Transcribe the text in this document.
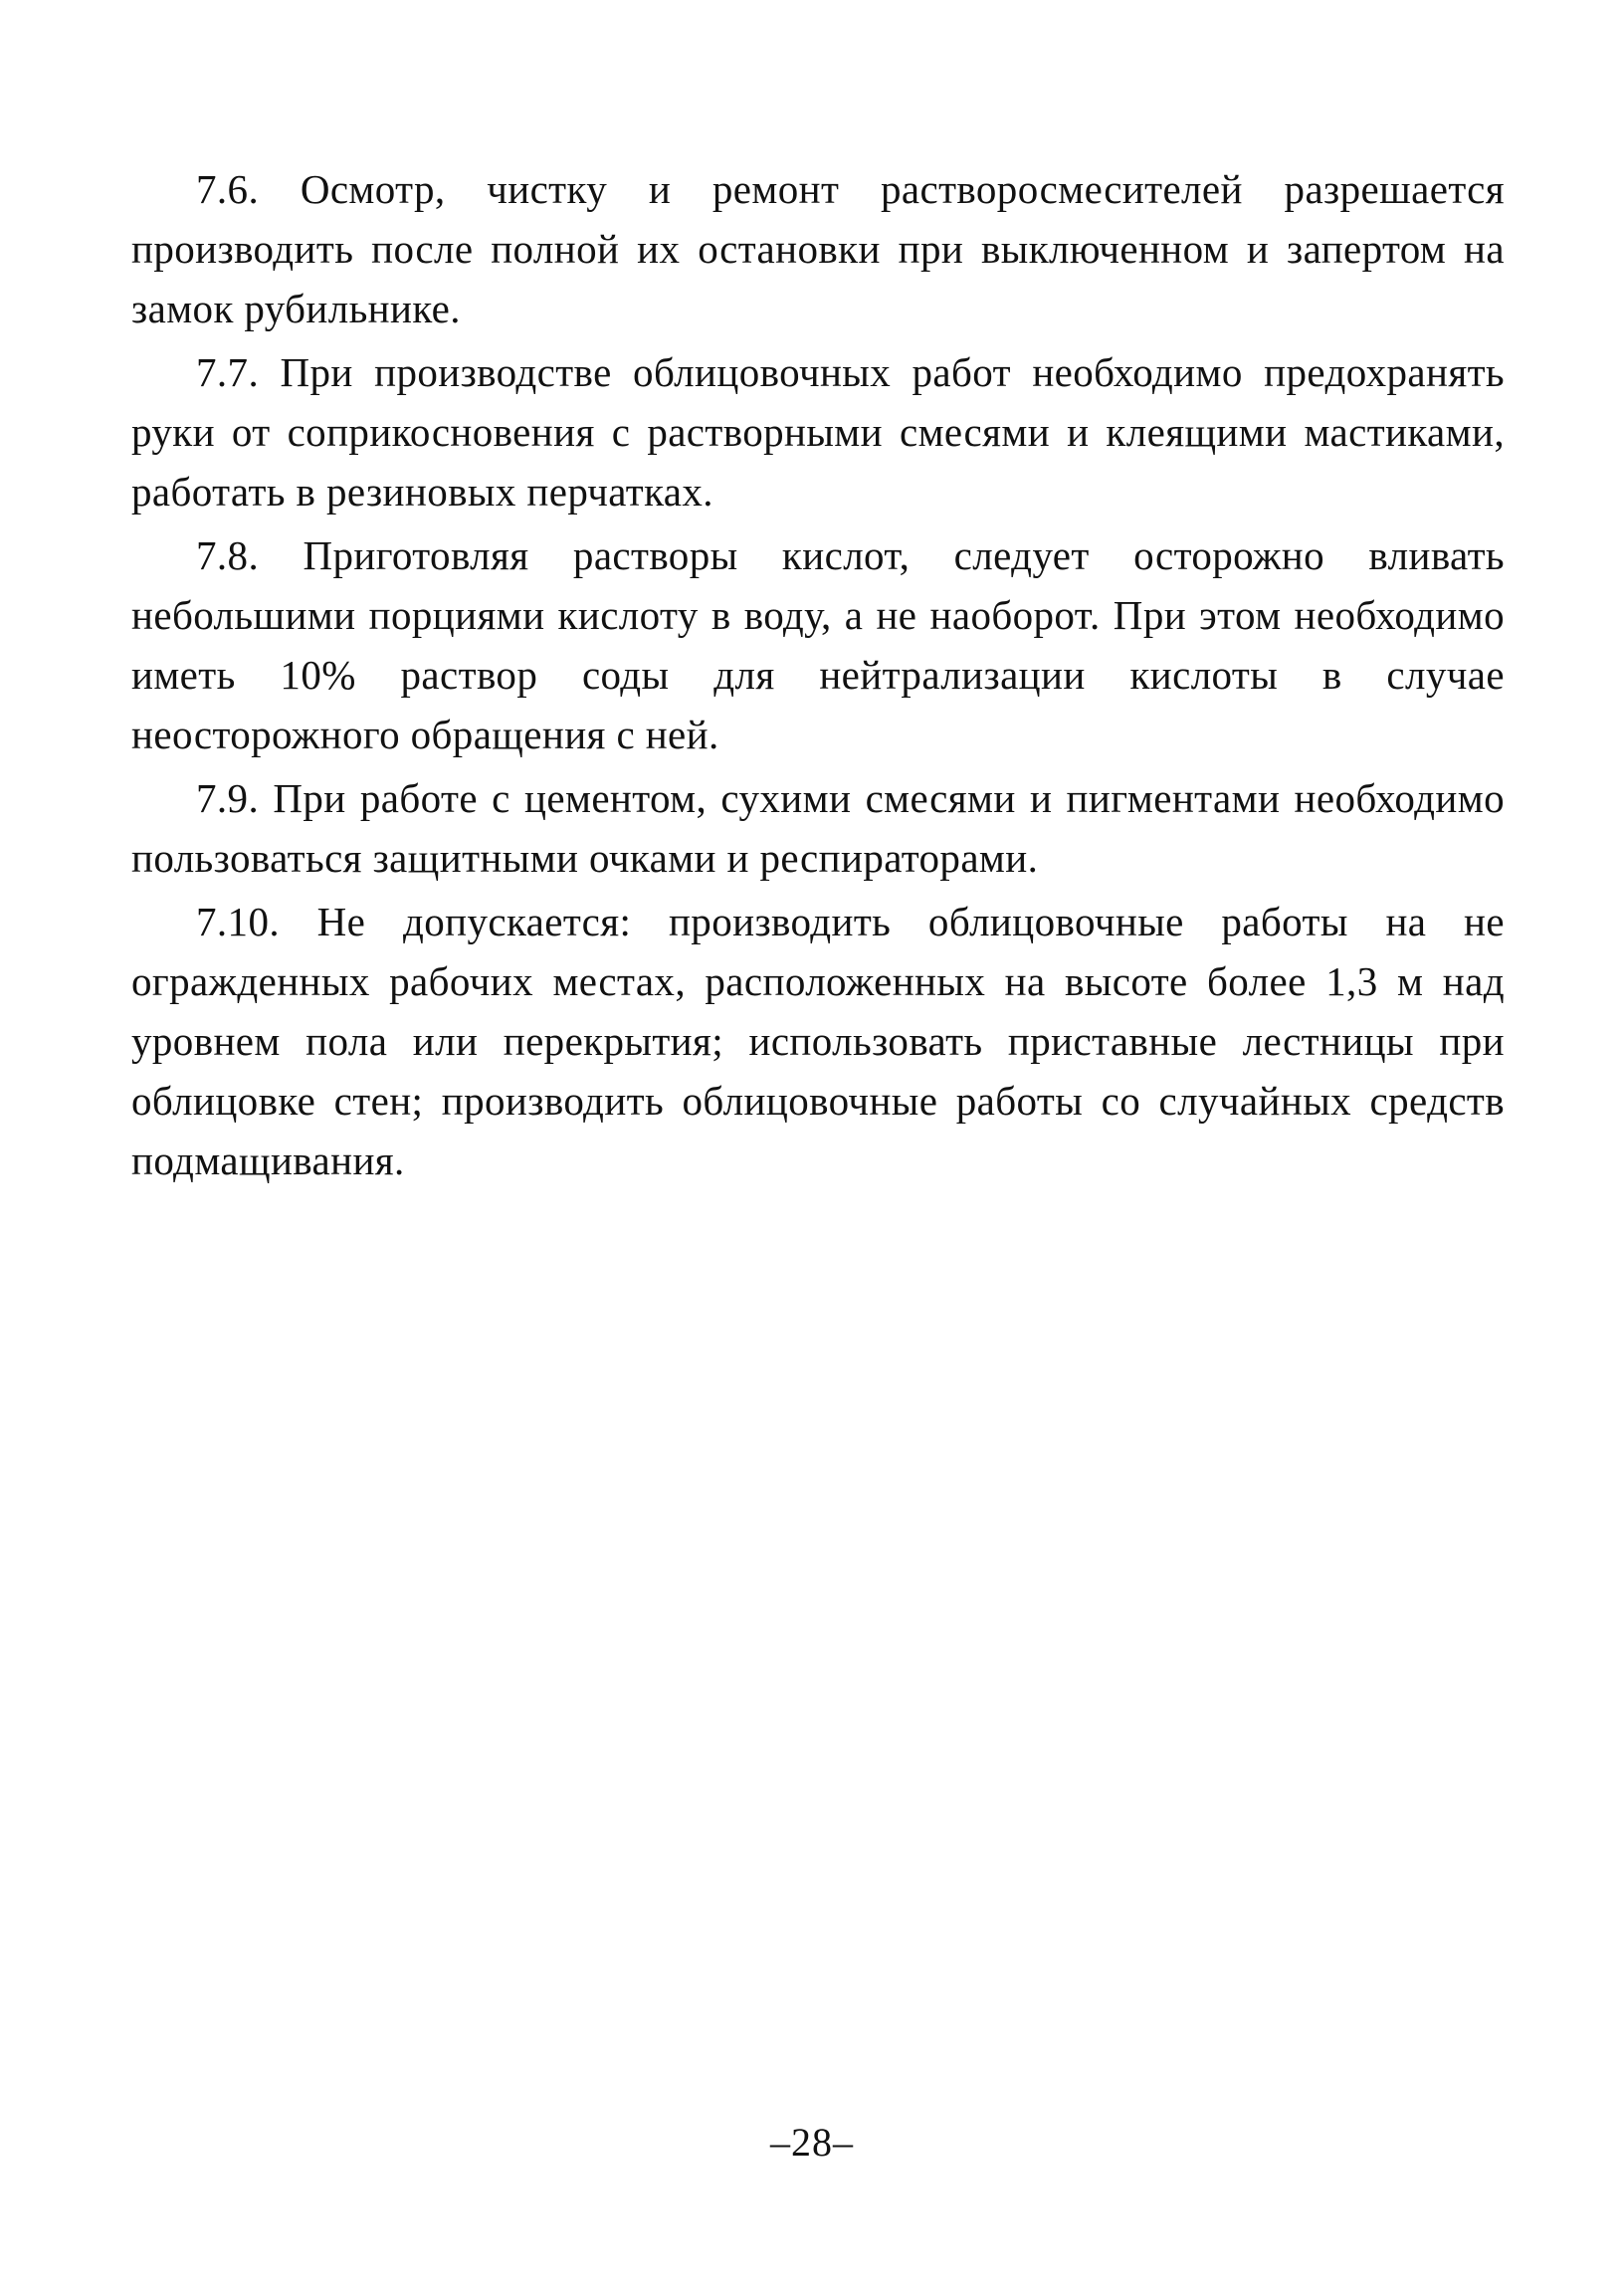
7.6. Осмотр, чистку и ремонт растворосмесителей разрешается производить после полной их остановки при выключенном и запертом на замок рубильнике.

7.7. При производстве облицовочных работ необходимо предохранять руки от соприкосновения с растворными смесями и клеящими мастиками, работать в резиновых перчатках.

7.8. Приготовляя растворы кислот, следует осторожно вливать небольшими порциями кислоту в воду, а не наоборот. При этом необходимо иметь 10% раствор соды для нейтрализации кислоты в случае неосторожного обращения с ней.

7.9. При работе с цементом, сухими смесями и пигментами необходимо пользоваться защитными очками и респираторами.

7.10. Не допускается: производить облицовочные работы на не огражденных рабочих местах, расположенных на высоте более 1,3 м над уровнем пола или перекрытия; использовать приставные лестницы при облицовке стен; производить облицовочные работы со случайных средств подмащивания.

–28–
